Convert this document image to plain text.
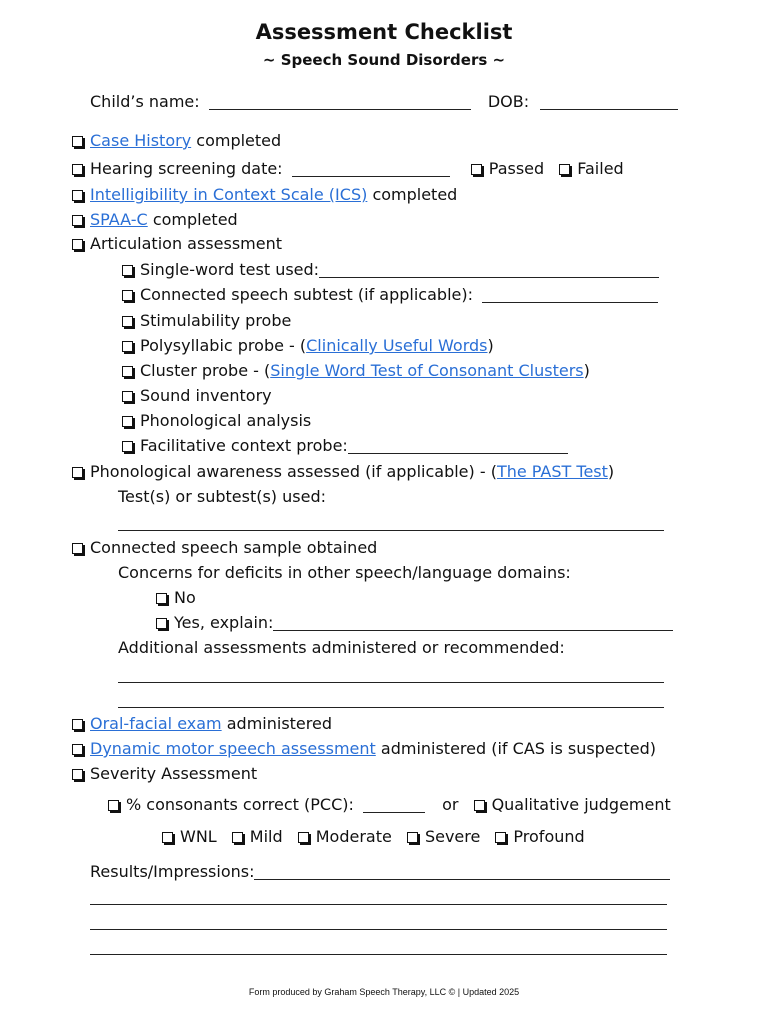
Assessment Checklist
~ Speech Sound Disorders ~
Child’s name:	DOB:
Case History completed
Hearing screening date:	Passed Failed
Intelligibility in Context Scale (ICS) completed
SPAA-C completed
Articulation assessment
Single-word test used:
Connected speech subtest (if applicable):
Stimulability probe
Polysyllabic probe - (Clinically Useful Words)
Cluster probe - (Single Word Test of Consonant Clusters)
Sound inventory
Phonological analysis
Facilitative context probe:
Phonological awareness assessed (if applicable) - (The PAST Test)
Test(s) or subtest(s) used:
Connected speech sample obtained
Concerns for deficits in other speech/language domains:
No
Yes, explain:
Additional assessments administered or recommended:
Oral-facial exam administered
Dynamic motor speech assessment administered (if CAS is suspected)
Severity Assessment
% consonants correct (PCC):	or Qualitative judgement
WNL Mild Moderate Severe Profound
Results/Impressions:
Form produced by Graham Speech Therapy, LLC © | Updated 2025
